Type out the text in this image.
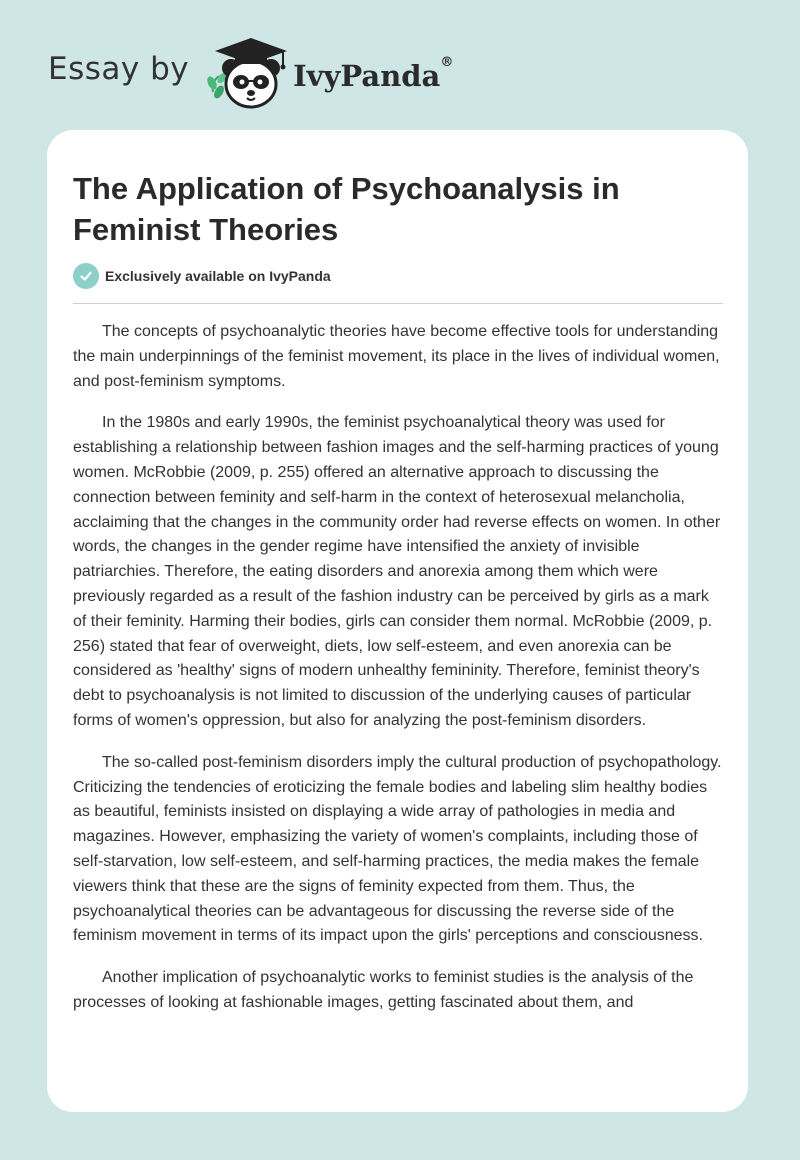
Essay by	IvyPanda®
The Application of Psychoanalysis in Feminist Theories
Exclusively available on IvyPanda

The concepts of psychoanalytic theories have become effective tools for understanding the main underpinnings of the feminist movement, its place in the lives of individual women, and post-feminism symptoms.

In the 1980s and early 1990s, the feminist psychoanalytical theory was used for establishing a relationship between fashion images and the self-harming practices of young women. McRobbie (2009, p. 255) offered an alternative approach to discussing the connection between feminity and self-harm in the context of heterosexual melancholia, acclaiming that the changes in the community order had reverse effects on women. In other words, the changes in the gender regime have intensified the anxiety of invisible patriarchies. Therefore, the eating disorders and anorexia among them which were previously regarded as a result of the fashion industry can be perceived by girls as a mark of their feminity. Harming their bodies, girls can consider them normal. McRobbie (2009, p. 256) stated that fear of overweight, diets, low self-esteem, and even anorexia can be considered as 'healthy' signs of modern unhealthy femininity. Therefore, feminist theory's debt to psychoanalysis is not limited to discussion of the underlying causes of particular forms of women's oppression, but also for analyzing the post-feminism disorders.

The so-called post-feminism disorders imply the cultural production of psychopathology. Criticizing the tendencies of eroticizing the female bodies and labeling slim healthy bodies as beautiful, feminists insisted on displaying a wide array of pathologies in media and magazines. However, emphasizing the variety of women's complaints, including those of self-starvation, low self-esteem, and self-harming practices, the media makes the female viewers think that these are the signs of feminity expected from them. Thus, the psychoanalytical theories can be advantageous for discussing the reverse side of the feminism movement in terms of its impact upon the girls' perceptions and consciousness.

Another implication of psychoanalytic works to feminist studies is the analysis of the processes of looking at fashionable images, getting fascinated about them, and
